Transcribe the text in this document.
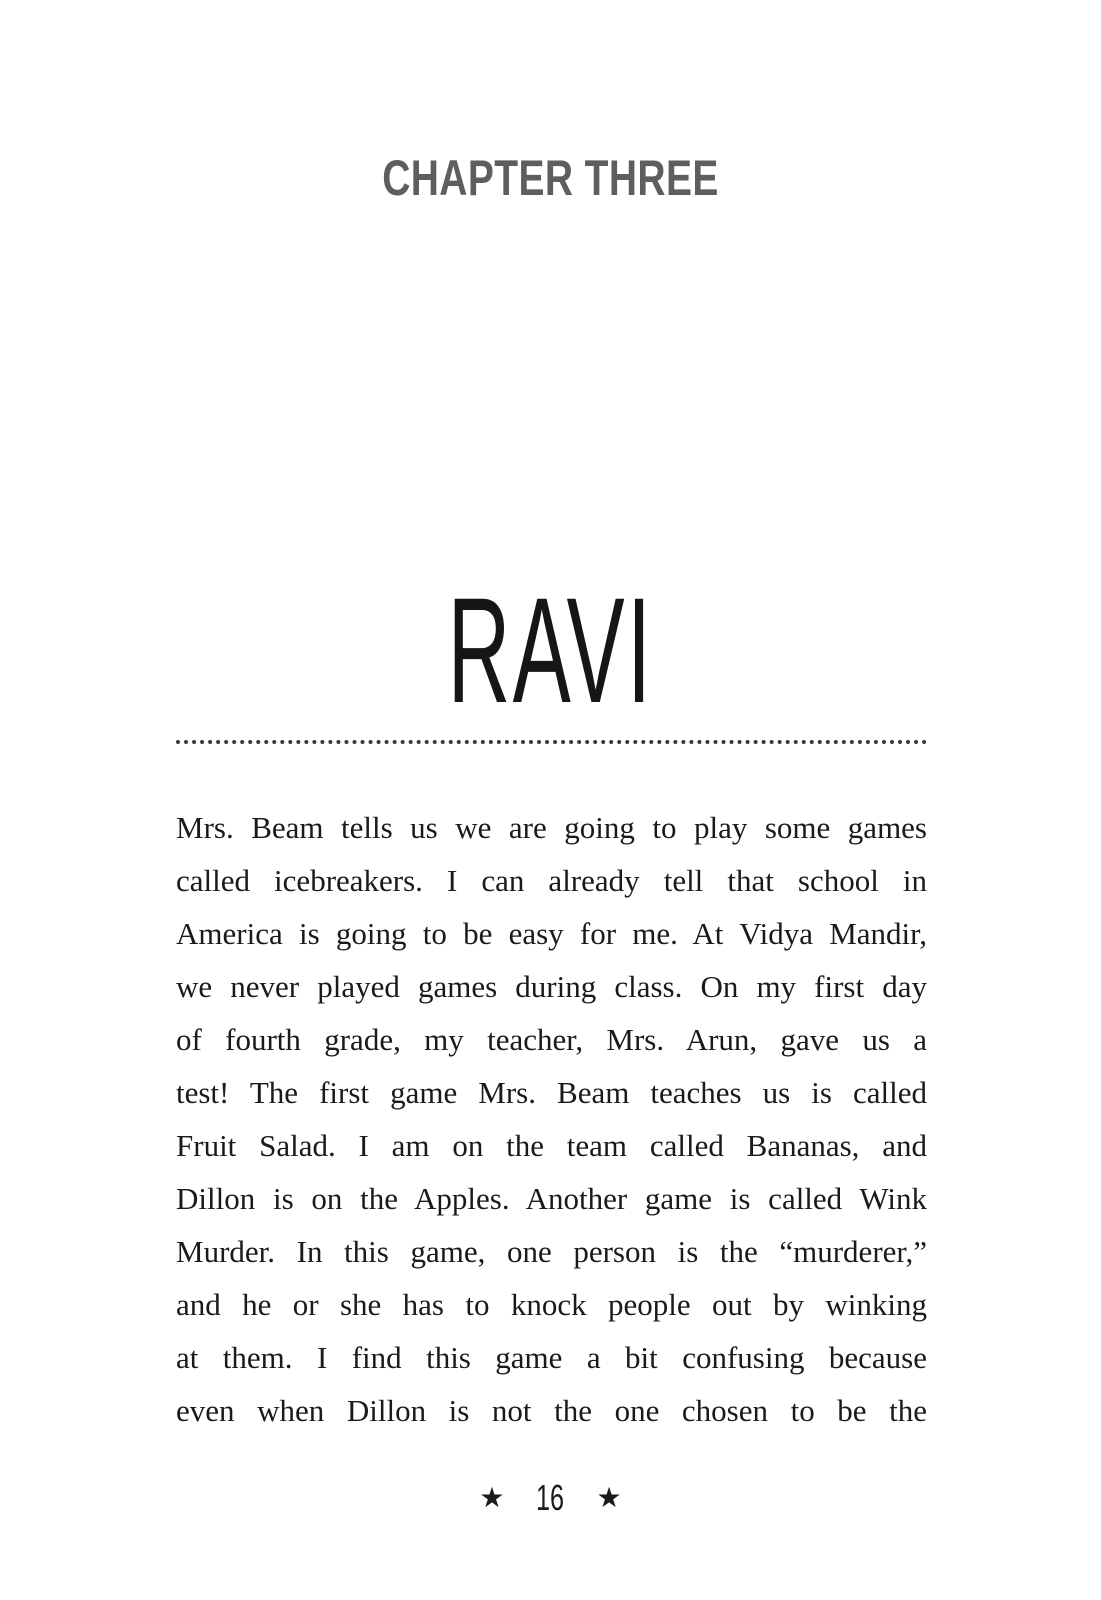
CHAPTER THREE
RAVI
Mrs. Beam tells us we are going to play some games
called icebreakers. I can already tell that school in
America is going to be easy for me. At Vidya Mandir,
we never played games during class. On my first day
of fourth grade, my teacher, Mrs. Arun, gave us a
test! The first game Mrs. Beam teaches us is called
Fruit Salad. I am on the team called Bananas, and
Dillon is on the Apples. Another game is called Wink
Murder. In this game, one person is the “murderer,”
and he or she has to knock people out by winking
at them. I find this game a bit confusing because
even when Dillon is not the one chosen to be the
★ 16 ★
